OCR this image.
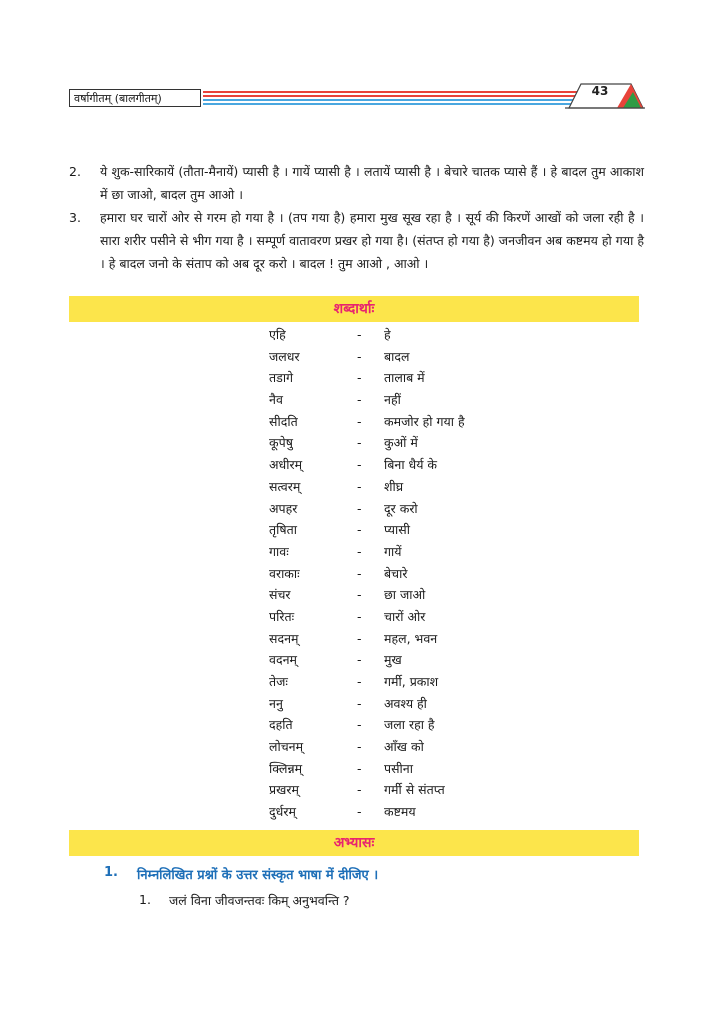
वर्षागीतम् (बालगीतम्)
43
2.	ये शुक-सारिकायें (तौता-मैनायें) प्यासी है । गायें प्यासी है । लतायें प्यासी है । बेचारे चातक प्यासे हैं । हे बादल तुम आकाश में छा जाओ, बादल तुम आओ ।
3.	हमारा घर चारों ओर से गरम हो गया है । (तप गया है) हमारा मुख सूख रहा है । सूर्य की किरणें आखों को जला रही है । सारा शरीर पसीने से भीग गया है । सम्पूर्ण वातावरण प्रखर हो गया है। (संतप्त हो गया है) जनजीवन अब कष्टमय हो गया है । हे बादल जनो के संताप को अब दूर करो । बादल ! तुम आओ , आओ ।
शब्दार्थाः
एहि	- हे
जलधर	- बादल
तडागे	- तालाब में
नैव	- नहीं
सीदति	- कमजोर हो गया है
कूपेषु	- कुओं में
अधीरम्	- बिना धैर्य के
सत्वरम्	- शीघ्र
अपहर	- दूर करो
तृषिता	- प्यासी
गावः	- गायें
वराकाः	- बेचारे
संचर	- छा जाओ
परितः	- चारों ओर
सदनम्	- महल, भवन
वदनम्	- मुख
तेजः	- गर्मी, प्रकाश
ननु	- अवश्य ही
दहति	- जला रहा है
लोचनम्	- आँख को
क्लिन्नम्	- पसीना
प्रखरम्	- गर्मी से संतप्त
दुर्धरम्	- कष्टमय
अभ्यासः
1. निम्नलिखित प्रश्नों के उत्तर संस्कृत भाषा में दीजिए ।
1. जलं विना जीवजन्तवः किम् अनुभवन्ति ?
